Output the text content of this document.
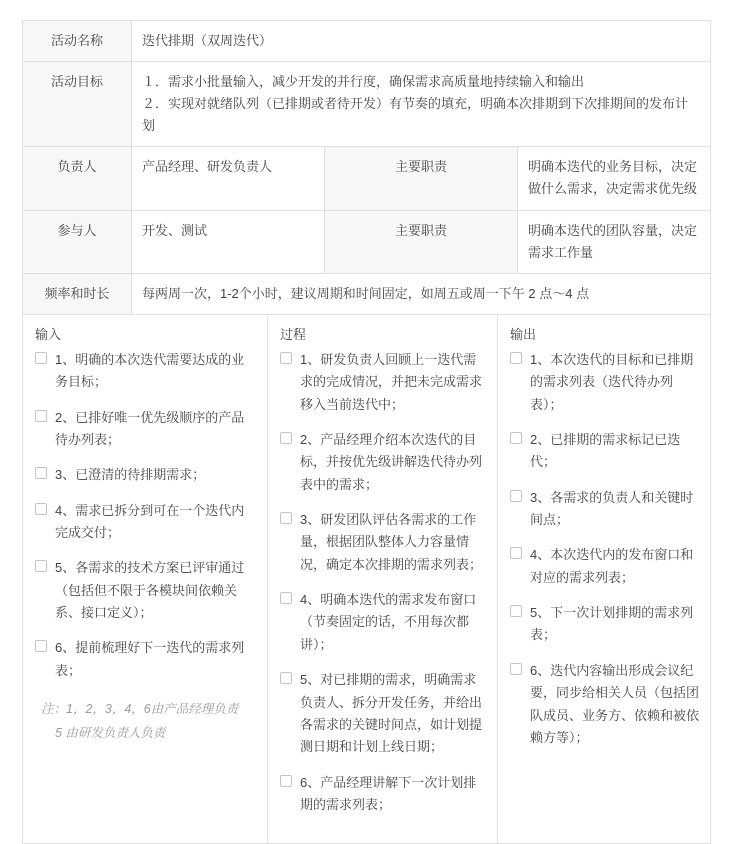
活动名称	迭代排期（双周迭代）		
活动目标	１．需求小批量输入，减少开发的并行度，确保需求高质量地持续输入和输出
２．实现对就绪队列（已排期或者待开发）有节奏的填充，明确本次排期到下次排期间的发布计划		

负责人	产品经理、研发负责人	主要职责	明确本迭代的业务目标，决定做什么需求，决定需求优先级
参与人	开发、测试	主要职责	明确本迭代的团队容量，决定需求工作量
频率和时长	每两周一次，1-2个小时，建议周期和时间固定，如周五或周一下午 2 点～4 点		
输入
1、明确的本次迭代需要达成的业务目标；
2、已排好唯一优先级顺序的产品待办列表；
3、已澄清的待排期需求；
4、需求已拆分到可在一个迭代内完成交付；
5、各需求的技术方案已评审通过（包括但不限于各模块间依赖关系、接口定义）；
6、提前梳理好下一迭代的需求列表；
注：1，2，3，4，6由产品经理负责
5 由研发负责人负责
过程
1、研发负责人回顾上一迭代需求的完成情况，并把未完成需求移入当前迭代中；
2、产品经理介绍本次迭代的目标，并按优先级讲解迭代待办列表中的需求；
3、研发团队评估各需求的工作量，根据团队整体人力容量情况，确定本次排期的需求列表；
4、明确本迭代的需求发布窗口（节奏固定的话，不用每次都讲）；
5、对已排期的需求，明确需求负责人、拆分开发任务，并给出各需求的关键时间点，如计划提测日期和计划上线日期；
6、产品经理讲解下一次计划排期的需求列表；
输出
1、本次迭代的目标和已排期的需求列表（迭代待办列表）；
2、已排期的需求标记已迭代；
3、各需求的负责人和关键时间点；
4、本次迭代内的发布窗口和对应的需求列表；
5、下一次计划排期的需求列表；
6、迭代内容输出形成会议纪要，同步给相关人员（包括团队成员、业务方、依赖和被依赖方等）；
